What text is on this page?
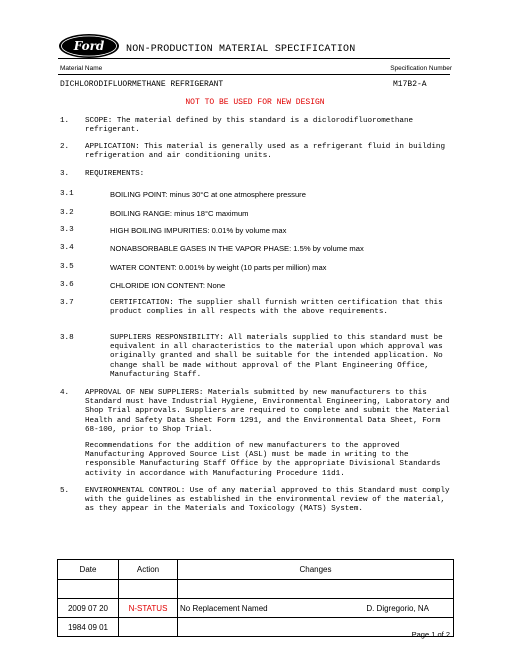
Ford NON-PRODUCTION MATERIAL SPECIFICATION
Material Name	Specification Number
DICHLORODIFLUORMETHANE REFRIGERANT	M17B2-A
NOT TO BE USED FOR NEW DESIGN
1. SCOPE: The material defined by this standard is a diclorodifluoromethane refrigerant.
2. APPLICATION: This material is generally used as a refrigerant fluid in building refrigeration and air conditioning units.
3. REQUIREMENTS:
3.1	BOILING POINT: minus 30°C at one atmosphere pressure
3.2	BOILING RANGE: minus 18°C maximum
3.3	HIGH BOILING IMPURITIES: 0.01% by volume max
3.4	NONABSORBABLE GASES IN THE VAPOR PHASE: 1.5% by volume max
3.5	WATER CONTENT: 0.001% by weight (10 parts per million) max
3.6	CHLORIDE ION CONTENT: None
3.7	CERTIFICATION: The supplier shall furnish written certification that this product complies in all respects with the above requirements.
3.8	SUPPLIERS RESPONSIBILITY: All materials supplied to this standard must be equivalent in all characteristics to the material upon which approval was originally granted and shall be suitable for the intended application. No change shall be made without approval of the Plant Engineering Office, Manufacturing Staff.
4. APPROVAL OF NEW SUPPLIERS: Materials submitted by new manufacturers to this Standard must have Industrial Hygiene, Environmental Engineering, Laboratory and Shop Trial approvals. Suppliers are required to complete and submit the Material Health and Safety Data Sheet Form 1291, and the Environmental Data Sheet, Form 68-100, prior to Shop Trial.
Recommendations for the addition of new manufacturers to the approved Manufacturing Approved Source List (ASL) must be made in writing to the responsible Manufacturing Staff Office by the appropriate Divisional Standards activity in accordance with Manufacturing Procedure 11d1.
5. ENVIRONMENTAL CONTROL: Use of any material approved to this Standard must comply with the guidelines as established in the environmental review of the material, as they appear in the Materials and Toxicology (MATS) System.
Date	Action	Changes	

2009 07 20	N-STATUS	No Replacement Named	D. Digregorio, NA
1984 09 01			
Page 1 of 2
